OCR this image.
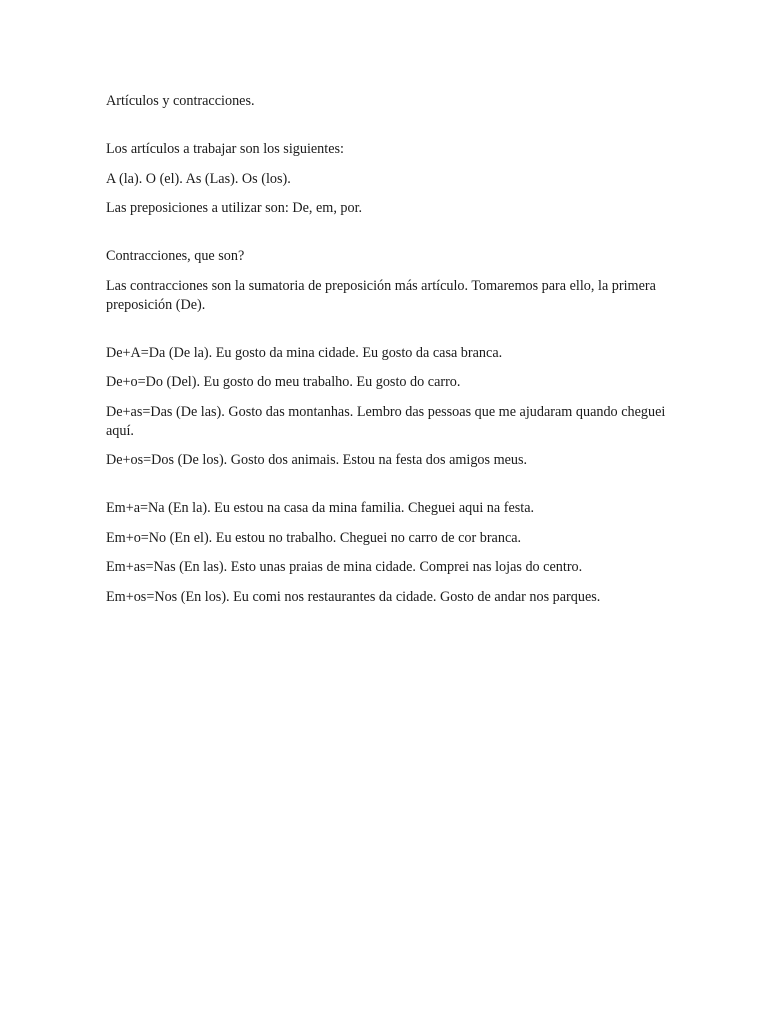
Artículos y contracciones.

Los artículos a trabajar son los siguientes:

A (la). O (el). As (Las). Os (los).

Las preposiciones a utilizar son: De, em, por.

Contracciones, que son?

Las contracciones son la sumatoria de preposición más artículo. Tomaremos para ello, la primera preposición (De).

De+A=Da (De la). Eu gosto da mina cidade. Eu gosto da casa branca.

De+o=Do (Del). Eu gosto do meu trabalho. Eu gosto do carro.

De+as=Das (De las). Gosto das montanhas. Lembro das pessoas que me ajudaram quando cheguei aquí.

De+os=Dos (De los). Gosto dos animais. Estou na festa dos amigos meus.

Em+a=Na (En la). Eu estou na casa da mina familia. Cheguei aqui na festa.

Em+o=No (En el). Eu estou no trabalho. Cheguei no carro de cor branca.

Em+as=Nas (En las). Esto unas praias de mina cidade. Comprei nas lojas do centro.

Em+os=Nos (En los). Eu comi nos restaurantes da cidade. Gosto de andar nos parques.
